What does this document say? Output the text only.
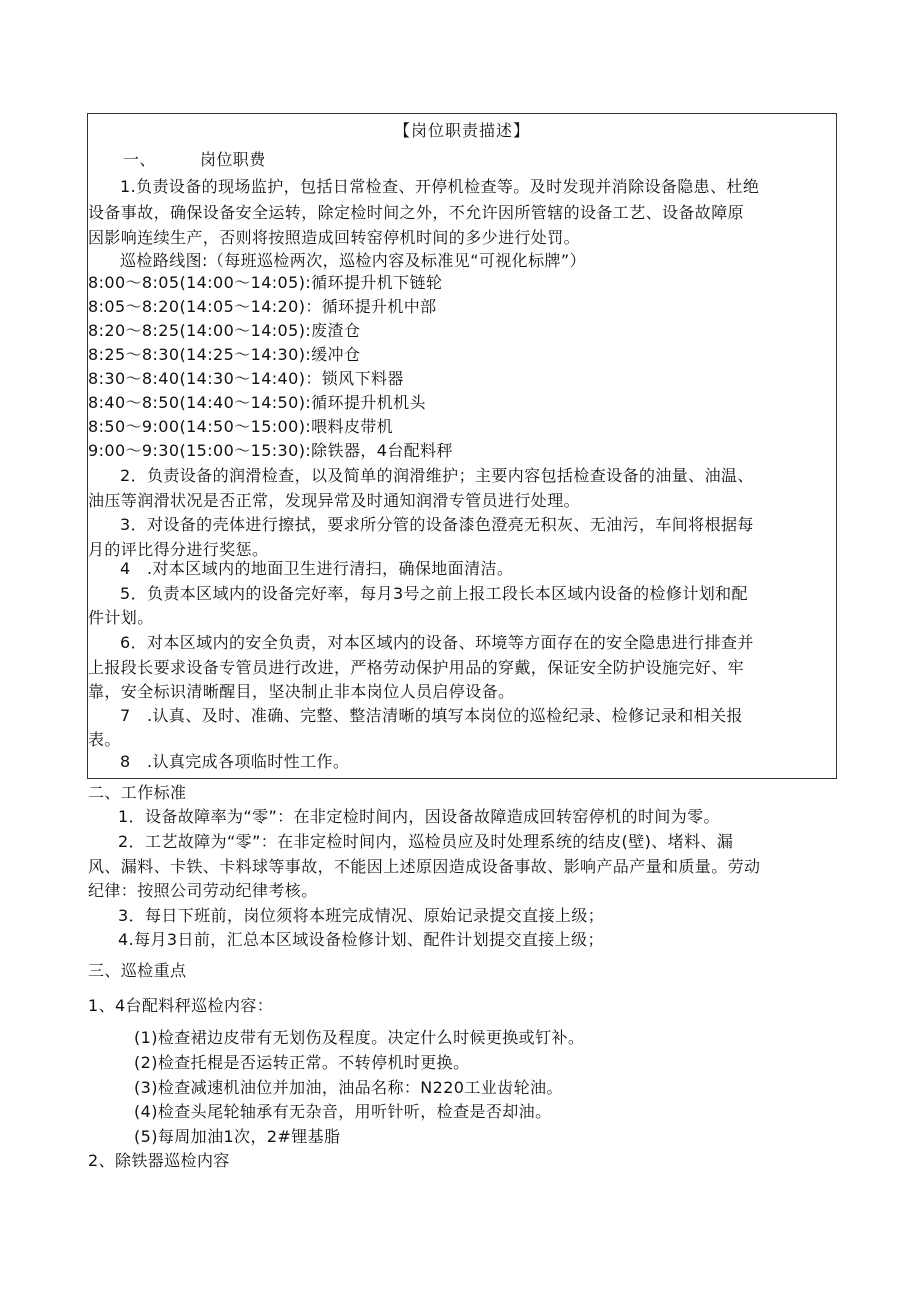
【岗位职责描述】
一、	岗位职费
1.负责设备的现场监护，包括日常检查、开停机检查等。及时发现并消除设备隐患、杜绝
设备事故，确保设备安全运转，除定检时间之外，不允许因所管辖的设备工艺、设备故障原
因影响连续生产，否则将按照造成回转窑停机时间的多少进行处罚。
巡检路线图:（每班巡检两次，巡检内容及标准见“可视化标牌”）
8:00～8:05(14:00～14:05):循环提升机下链轮
8:05～8:20(14:05～14:20)：循环提升机中部
8:20～8:25(14:00～14:05):废渣仓
8:25～8:30(14:25～14:30):缓冲仓
8:30～8:40(14:30～14:40)：锁风下料器
8:40～8:50(14:40～14:50):循环提升机机头
8:50～9:00(14:50～15:00):喂料皮带机
9:00～9:30(15:00～15:30):除铁器，4台配料秤
2．负责设备的润滑检查，以及简单的润滑维护；主要内容包括检查设备的油量、油温、
油压等润滑状况是否正常，发现异常及时通知润滑专管员进行处理。
3．对设备的壳体进行擦拭，要求所分管的设备漆色澄亮无积灰、无油污，车间将根据每
月的评比得分进行奖惩。
4　.对本区域内的地面卫生进行清扫，确保地面清洁。
5．负责本区域内的设备完好率，每月3号之前上报工段长本区域内设备的检修计划和配
件计划。
6．对本区域内的安全负责，对本区域内的设备、环境等方面存在的安全隐患进行排查并
上报段长要求设备专管员进行改进，严格劳动保护用品的穿戴，保证安全防护设施完好、牢
靠，安全标识清晰醒目，坚决制止非本岗位人员启停设备。
7　.认真、及时、准确、完整、整洁清晰的填写本岗位的巡检纪录、检修记录和相关报
表。
8　.认真完成各项临时性工作。
二、工作标准
1．设备故障率为“零”：在非定检时间内，因设备故障造成回转窑停机的时间为零。
2．工艺故障为“零”：在非定检时间内，巡检员应及时处理系统的结皮(壁)、堵料、漏
风、漏料、卡铁、卡料球等事故，不能因上述原因造成设备事故、影响产品产量和质量。劳动
纪律：按照公司劳动纪律考核。
3．每日下班前，岗位须将本班完成情况、原始记录提交直接上级；
4.每月3日前，汇总本区域设备检修计划、配件计划提交直接上级；
三、巡检重点
1、4台配料秤巡检内容：
(1)检查裙边皮带有无划伤及程度。决定什么时候更换或钉补。
(2)检查托棍是否运转正常。不转停机时更换。
(3)检查减速机油位并加油，油品名称：N220工业齿轮油。
(4)检查头尾轮轴承有无杂音，用听针听，检查是否却油。
(5)每周加油1次，2#锂基脂
2、除铁器巡检内容
